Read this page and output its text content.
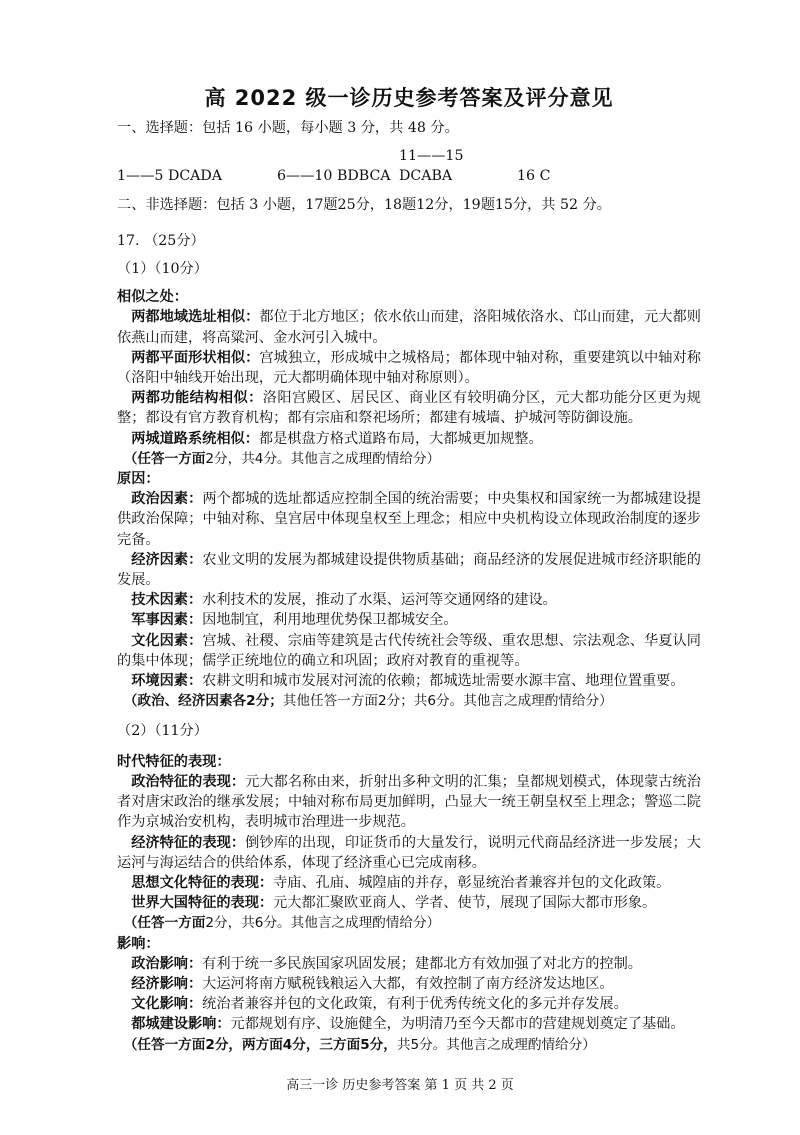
高 2022 级一诊历史参考答案及评分意见

一、选择题：包括 16 小题，每小题 3 分，共 48 分。

1——5 DCADA	6——10 BDBCA11——15 DCABA	16 C

二、非选择题：包括 3 小题，17题25分，18题12分，19题15分，共 52 分。

17. （25分）

（1）（10分）

相似之处：

两都地域选址相似：都位于北方地区；依水依山而建，洛阳城依洛水、邙山而建，元大都则依燕山而建，将高粱河、金水河引入城中。

两都平面形状相似：宫城独立，形成城中之城格局；都体现中轴对称，重要建筑以中轴对称（洛阳中轴线开始出现，元大都明确体现中轴对称原则）。

两都功能结构相似：洛阳宫殿区、居民区、商业区有较明确分区，元大都功能分区更为规整；都设有官方教育机构；都有宗庙和祭祀场所；都建有城墙、护城河等防御设施。

两城道路系统相似：都是棋盘方格式道路布局，大都城更加规整。

（任答一方面2分，共4分。其他言之成理酌情给分）

原因：

政治因素：两个都城的选址都适应控制全国的统治需要；中央集权和国家统一为都城建设提供政治保障；中轴对称、皇宫居中体现皇权至上理念；相应中央机构设立体现政治制度的逐步完备。

经济因素：农业文明的发展为都城建设提供物质基础；商品经济的发展促进城市经济职能的发展。

技术因素：水利技术的发展，推动了水渠、运河等交通网络的建设。

军事因素：因地制宜，利用地理优势保卫都城安全。

文化因素：宫城、社稷、宗庙等建筑是古代传统社会等级、重农思想、宗法观念、华夏认同的集中体现；儒学正统地位的确立和巩固；政府对教育的重视等。

环境因素：农耕文明和城市发展对河流的依赖；都城选址需要水源丰富、地理位置重要。

（政治、经济因素各2分；其他任答一方面2分；共6分。其他言之成理酌情给分）

（2）（11分）

时代特征的表现：

政治特征的表现：元大都名称由来，折射出多种文明的汇集；皇都规划模式，体现蒙古统治者对唐宋政治的继承发展；中轴对称布局更加鲜明，凸显大一统王朝皇权至上理念；警巡二院作为京城治安机构，表明城市治理进一步规范。

经济特征的表现：倒钞库的出现，印证货币的大量发行，说明元代商品经济进一步发展；大运河与海运结合的供给体系，体现了经济重心已完成南移。

思想文化特征的表现：寺庙、孔庙、城隍庙的并存，彰显统治者兼容并包的文化政策。

世界大国特征的表现：元大都汇聚欧亚商人、学者、使节，展现了国际大都市形象。

（任答一方面2分，共6分。其他言之成理酌情给分）

影响：

政治影响：有利于统一多民族国家巩固发展；建都北方有效加强了对北方的控制。

经济影响：大运河将南方赋税钱粮运入大都，有效控制了南方经济发达地区。

文化影响：统治者兼容并包的文化政策，有利于优秀传统文化的多元并存发展。

都城建设影响：元都规划有序、设施健全，为明清乃至今天都市的营建规划奠定了基础。

（任答一方面2分，两方面4分，三方面5分，共5分。其他言之成理酌情给分）

高三一诊 历史参考答案 第 1 页 共 2 页
